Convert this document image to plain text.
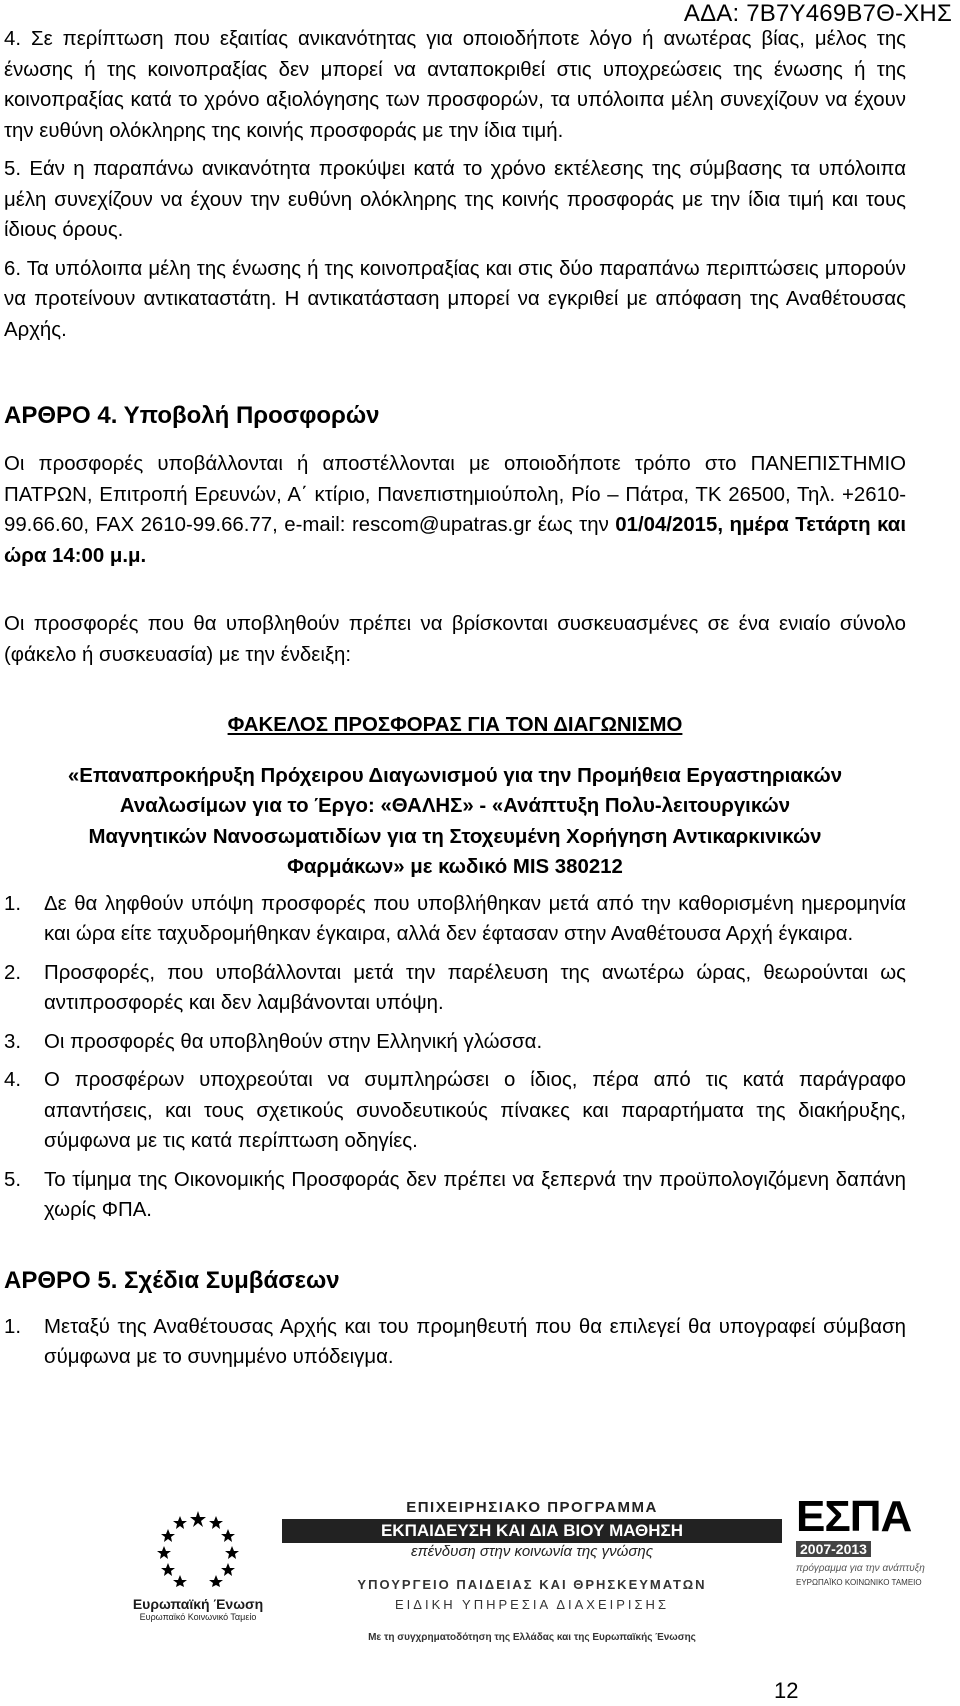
ΑΔΑ: 7Β7Υ469Β7Θ-ΧΗΣ

4. Σε περίπτωση που εξαιτίας ανικανότητας για οποιοδήποτε λόγο ή ανωτέρας βίας, μέλος της ένωσης ή της κοινοπραξίας δεν μπορεί να ανταποκριθεί στις υποχρεώσεις της ένωσης ή της κοινοπραξίας κατά το χρόνο αξιολόγησης των προσφορών, τα υπόλοιπα μέλη συνεχίζουν να έχουν την ευθύνη ολόκληρης της κοινής προσφοράς με την ίδια τιμή.

5. Εάν η παραπάνω ανικανότητα προκύψει κατά το χρόνο εκτέλεσης της σύμβασης τα υπόλοιπα μέλη συνεχίζουν να έχουν την ευθύνη ολόκληρης της κοινής προσφοράς με την ίδια τιμή και τους ίδιους όρους.

6. Τα υπόλοιπα μέλη της ένωσης ή της κοινοπραξίας και στις δύο παραπάνω περιπτώσεις μπορούν να προτείνουν αντικαταστάτη. Η αντικατάσταση μπορεί να εγκριθεί με απόφαση της Αναθέτουσας Αρχής.

ΑΡΘΡΟ 4. Υποβολή Προσφορών

Οι προσφορές υποβάλλονται ή αποστέλλονται με οποιοδήποτε τρόπο στο ΠΑΝΕΠΙΣΤΗΜΙΟ ΠΑΤΡΩΝ, Επιτροπή Ερευνών, Α΄ κτίριο, Πανεπιστημιούπολη, Ρίο – Πάτρα, ΤΚ 26500, Τηλ. +2610-99.66.60, FAX 2610-99.66.77, e-mail: rescom@upatras.gr έως την 01/04/2015, ημέρα Τετάρτη και ώρα 14:00 μ.μ.

Οι προσφορές που θα υποβληθούν πρέπει να βρίσκονται συσκευασμένες σε ένα ενιαίο σύνολο (φάκελο ή συσκευασία) με την ένδειξη:

ΦΑΚΕΛΟΣ ΠΡΟΣΦΟΡΑΣ ΓΙΑ ΤΟΝ ΔΙΑΓΩΝΙΣΜΟ

«Επαναπροκήρυξη Πρόχειρου Διαγωνισμού για την Προμήθεια Εργαστηριακών Αναλωσίμων για το Έργο: «ΘΑΛΗΣ» - «Ανάπτυξη Πολυ-λειτουργικών Μαγνητικών Νανοσωματιδίων για τη Στοχευμένη Χορήγηση Αντικαρκινικών Φαρμάκων» με κωδικό MIS 380212

1.	Δε θα ληφθούν υπόψη προσφορές που υποβλήθηκαν μετά από την καθορισμένη ημερομηνία και ώρα είτε ταχυδρομήθηκαν έγκαιρα, αλλά δεν έφτασαν στην Αναθέτουσα Αρχή έγκαιρα.
2.	Προσφορές, που υποβάλλονται μετά την παρέλευση της ανωτέρω ώρας, θεωρούνται ως αντιπροσφορές και δεν λαμβάνονται υπόψη.
3.	Οι προσφορές θα υποβληθούν στην Ελληνική γλώσσα.
4.	Ο προσφέρων υποχρεούται να συμπληρώσει ο ίδιος, πέρα από τις κατά παράγραφο απαντήσεις, και τους σχετικούς συνοδευτικούς πίνακες και παραρτήματα της διακήρυξης, σύμφωνα με τις κατά περίπτωση οδηγίες.
5.	Το τίμημα της Οικονομικής Προσφοράς δεν πρέπει να ξεπερνά την προϋπολογιζόμενη δαπάνη χωρίς ΦΠΑ.
ΑΡΘΡΟ 5. Σχέδια Συμβάσεων
1.	Μεταξύ της Αναθέτουσας Αρχής και του προμηθευτή που θα επιλεγεί θα υπογραφεί σύμβαση σύμφωνα με το συνημμένο υπόδειγμα.
Ευρωπαϊκή Ένωση
Ευρωπαϊκό Κοινωνικό Ταμείο
ΕΠΙΧΕΙΡΗΣΙΑΚΟ ΠΡΟΓΡΑΜΜΑ
ΕΚΠΑΙΔΕΥΣΗ ΚΑΙ ΔΙΑ ΒΙΟΥ ΜΑΘΗΣΗ
επένδυση στην κοινωνία της γνώσης
ΥΠΟΥΡΓΕΙΟ ΠΑΙΔΕΙΑΣ ΚΑΙ ΘΡΗΣΚΕΥΜΑΤΩΝ
ΕΙΔΙΚΗ ΥΠΗΡΕΣΙΑ ΔΙΑΧΕΙΡΙΣΗΣ
Με τη συγχρηματοδότηση της Ελλάδας και της Ευρωπαϊκής Ένωσης
ΕΣΠΑ
2007-2013
πρόγραμμα για την ανάπτυξη
ΕΥΡΩΠΑΪΚΟ ΚΟΙΝΩΝΙΚΟ ΤΑΜΕΙΟ
12
